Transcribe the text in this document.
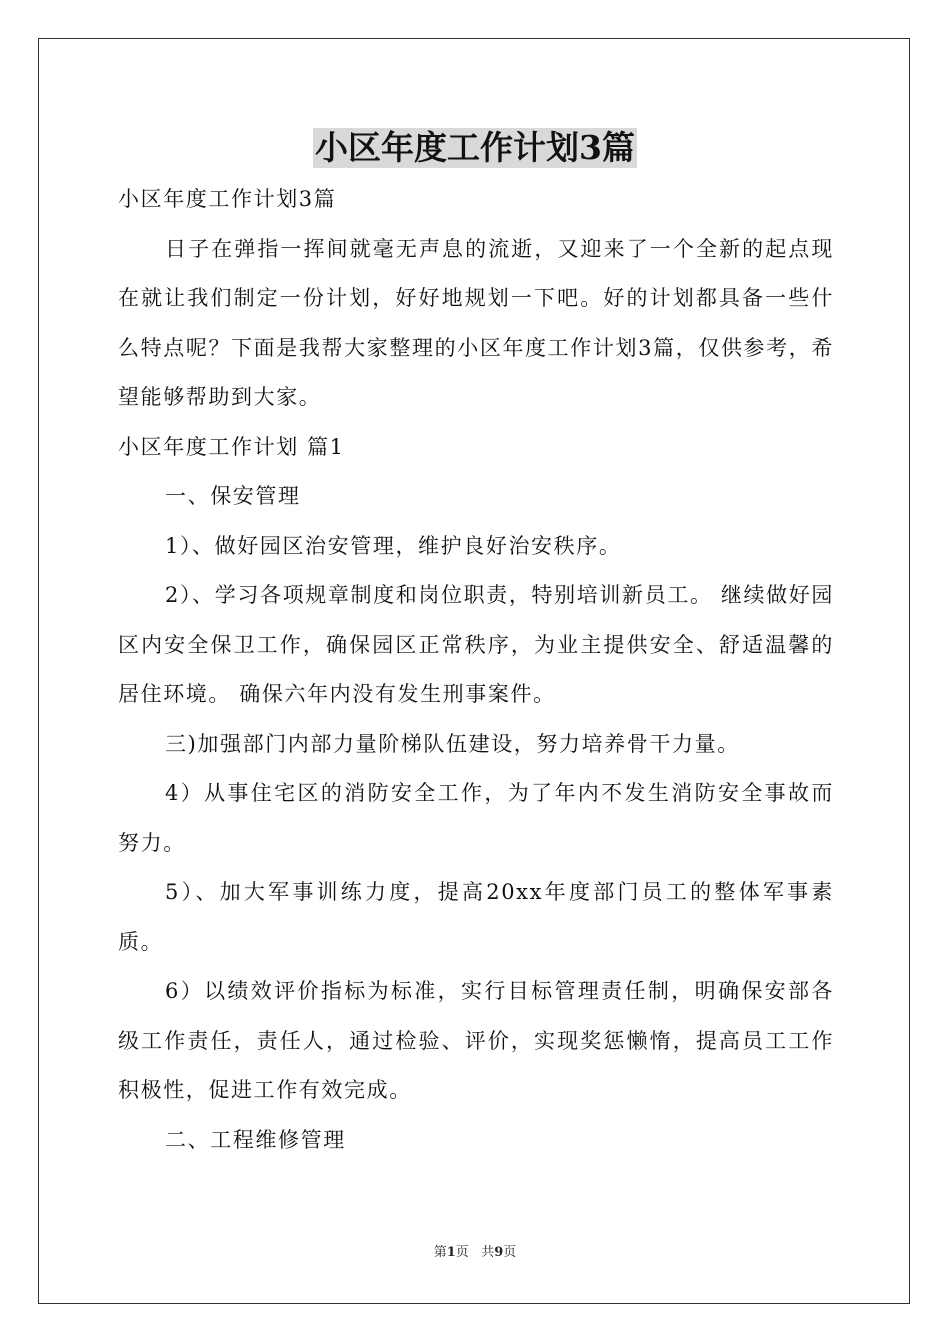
小区年度工作计划3篇

小区年度工作计划3篇

日子在弹指一挥间就毫无声息的流逝，又迎来了一个全新的起点现在就让我们制定一份计划，好好地规划一下吧。好的计划都具备一些什么特点呢？下面是我帮大家整理的小区年度工作计划3篇，仅供参考，希望能够帮助到大家。

小区年度工作计划 篇1

一、保安管理

1）、做好园区治安管理，维护良好治安秩序。

2）、学习各项规章制度和岗位职责，特别培训新员工。 继续做好园区内安全保卫工作，确保园区正常秩序，为业主提供安全、舒适温馨的居住环境。 确保六年内没有发生刑事案件。

三)加强部门内部力量阶梯队伍建设，努力培养骨干力量。

4）从事住宅区的消防安全工作，为了年内不发生消防安全事故而努力。

5）、加大军事训练力度，提高20xx年度部门员工的整体军事素质。

6）以绩效评价指标为标准，实行目标管理责任制，明确保安部各级工作责任，责任人，通过检验、评价，实现奖惩懒惰，提高员工工作积极性，促进工作有效完成。

二、工程维修管理

第1页 共9页
